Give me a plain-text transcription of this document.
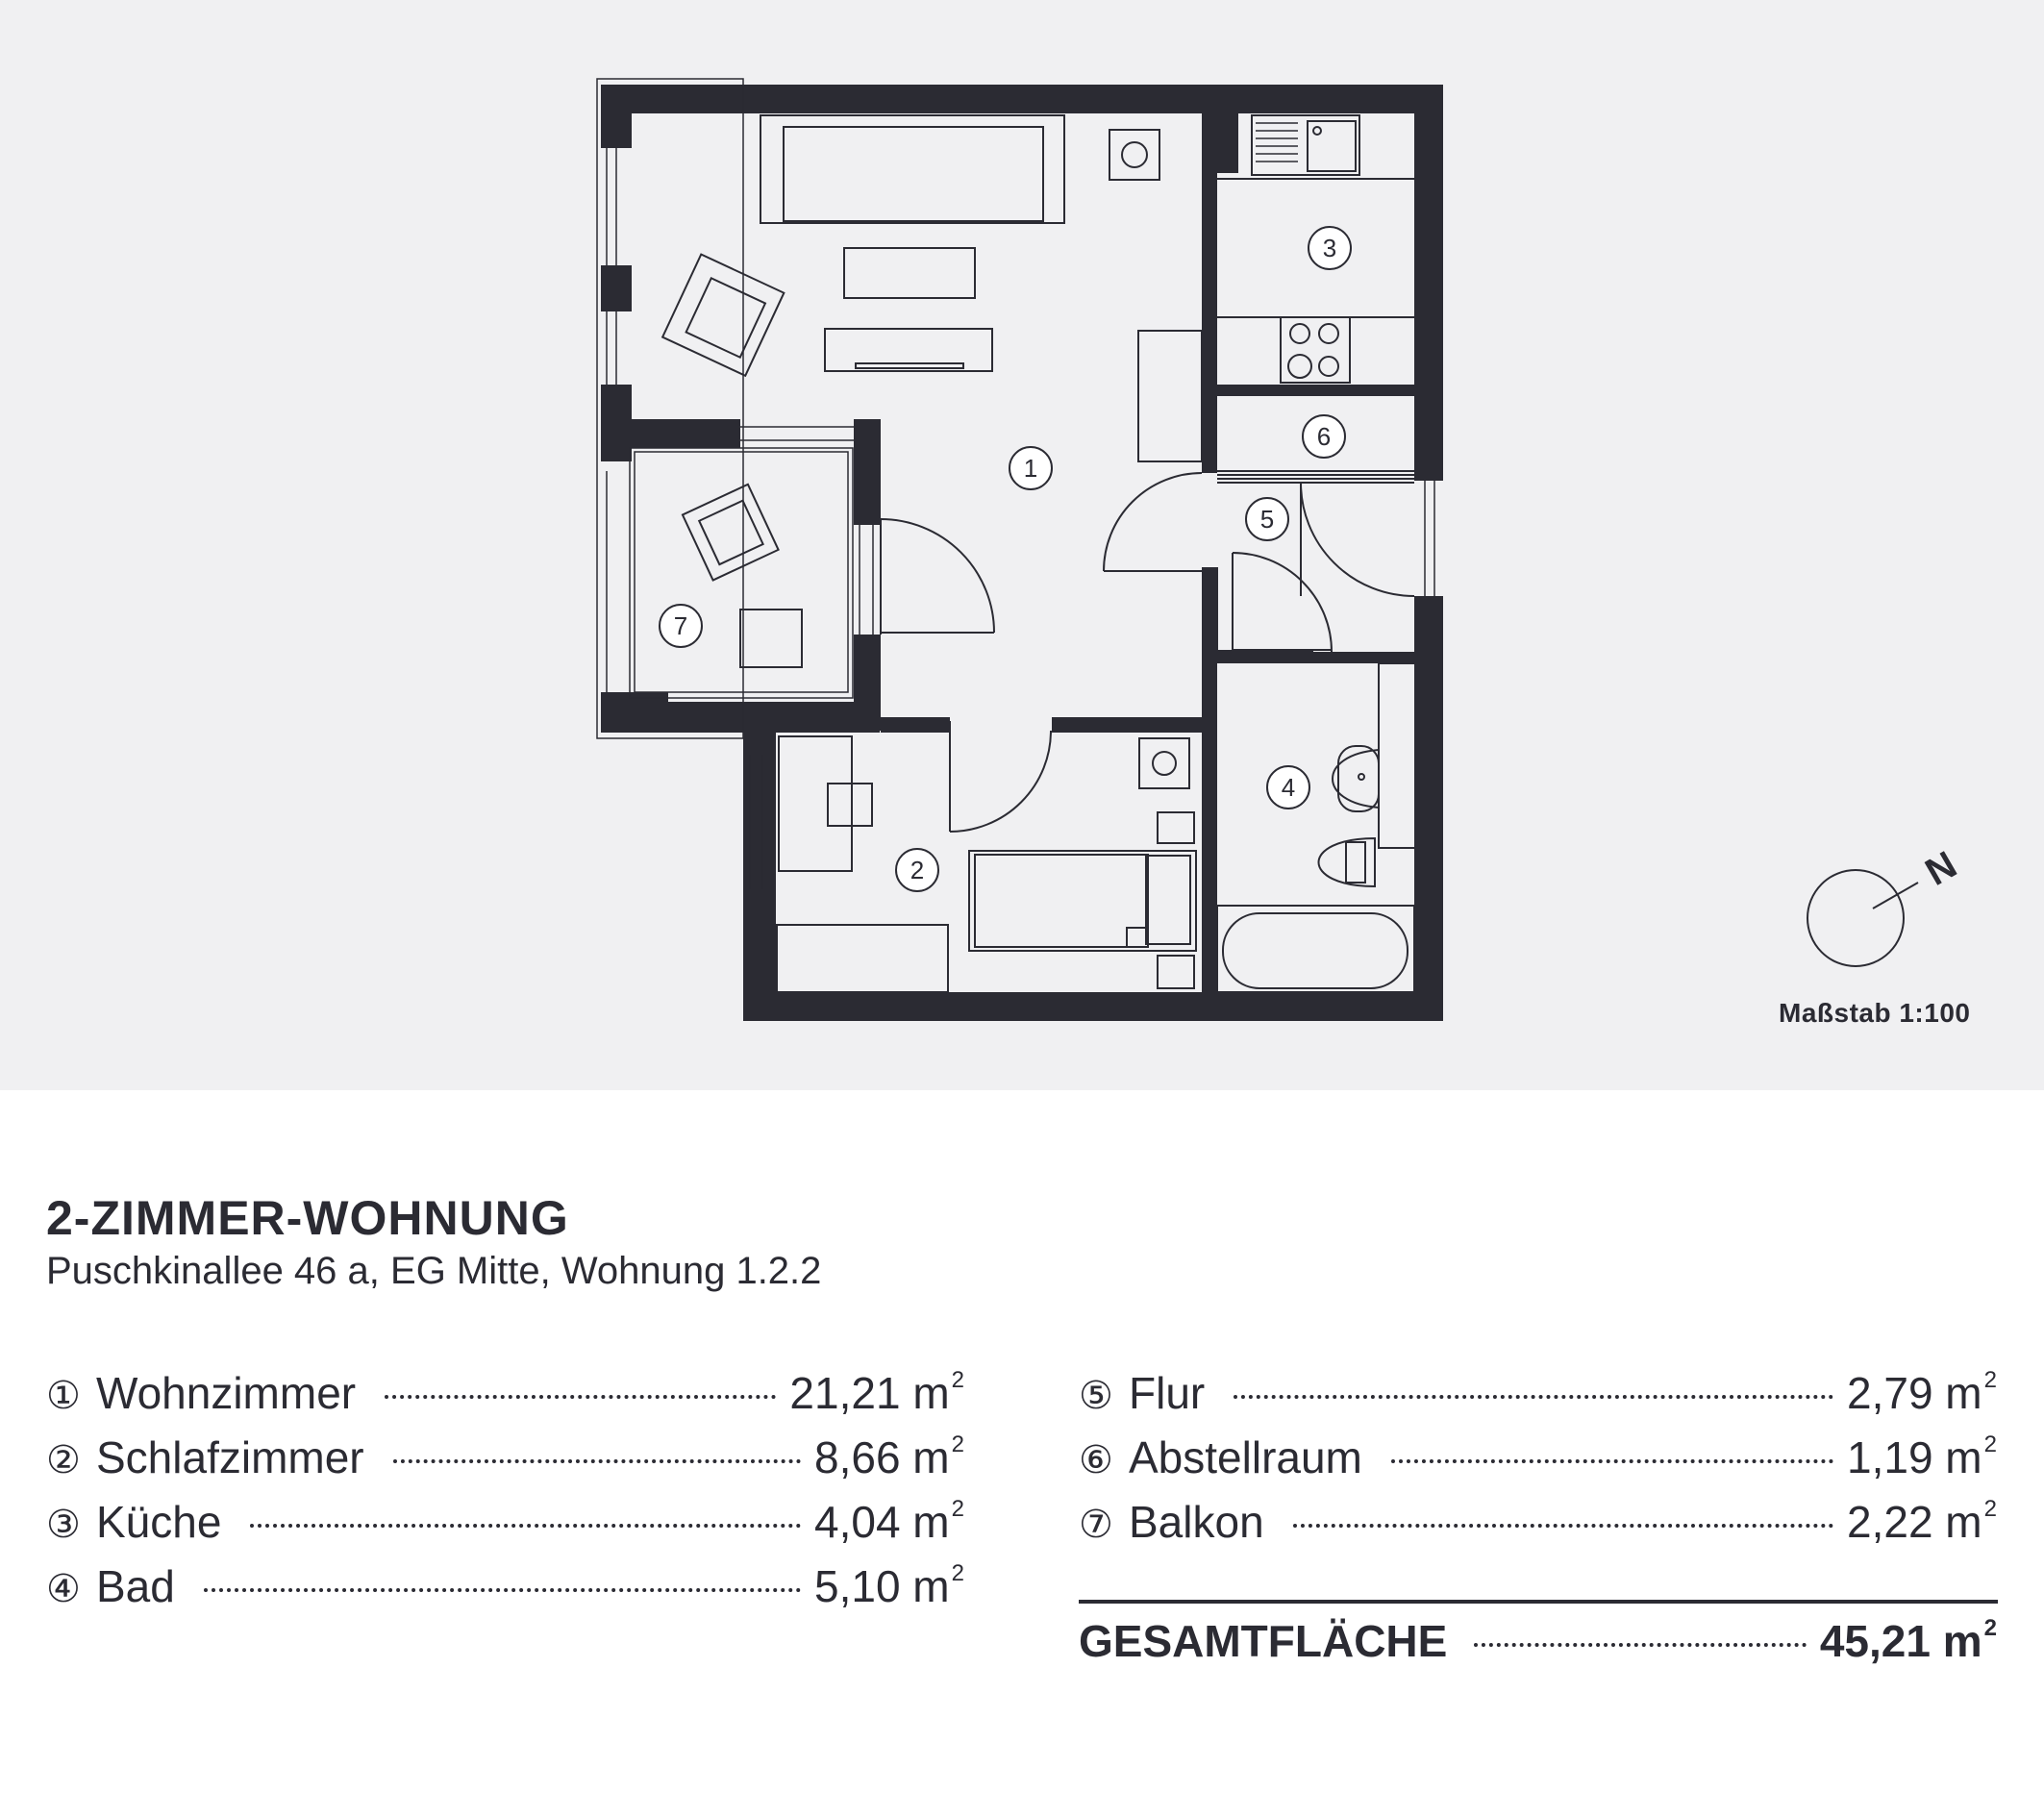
1
2
3
4
5
6
7
N
Maßstab 1:100
2-ZIMMER-WOHNUNG
Puschkinallee 46 a, EG Mitte, Wohnung 1.2.2
① Wohnzimmer	21,21 $m^2$
② Schlafzimmer	8,66 $m^2$
③ Küche	4,04 $m^2$
④ Bad	5,10 $m^2$
⑤ Flur	2,79 $m^2$
⑥ Abstellraum	1,19 $m^2$
⑦ Balkon	2,22 $m^2$
GESAMTFLÄCHE	45,21 $m^2$
